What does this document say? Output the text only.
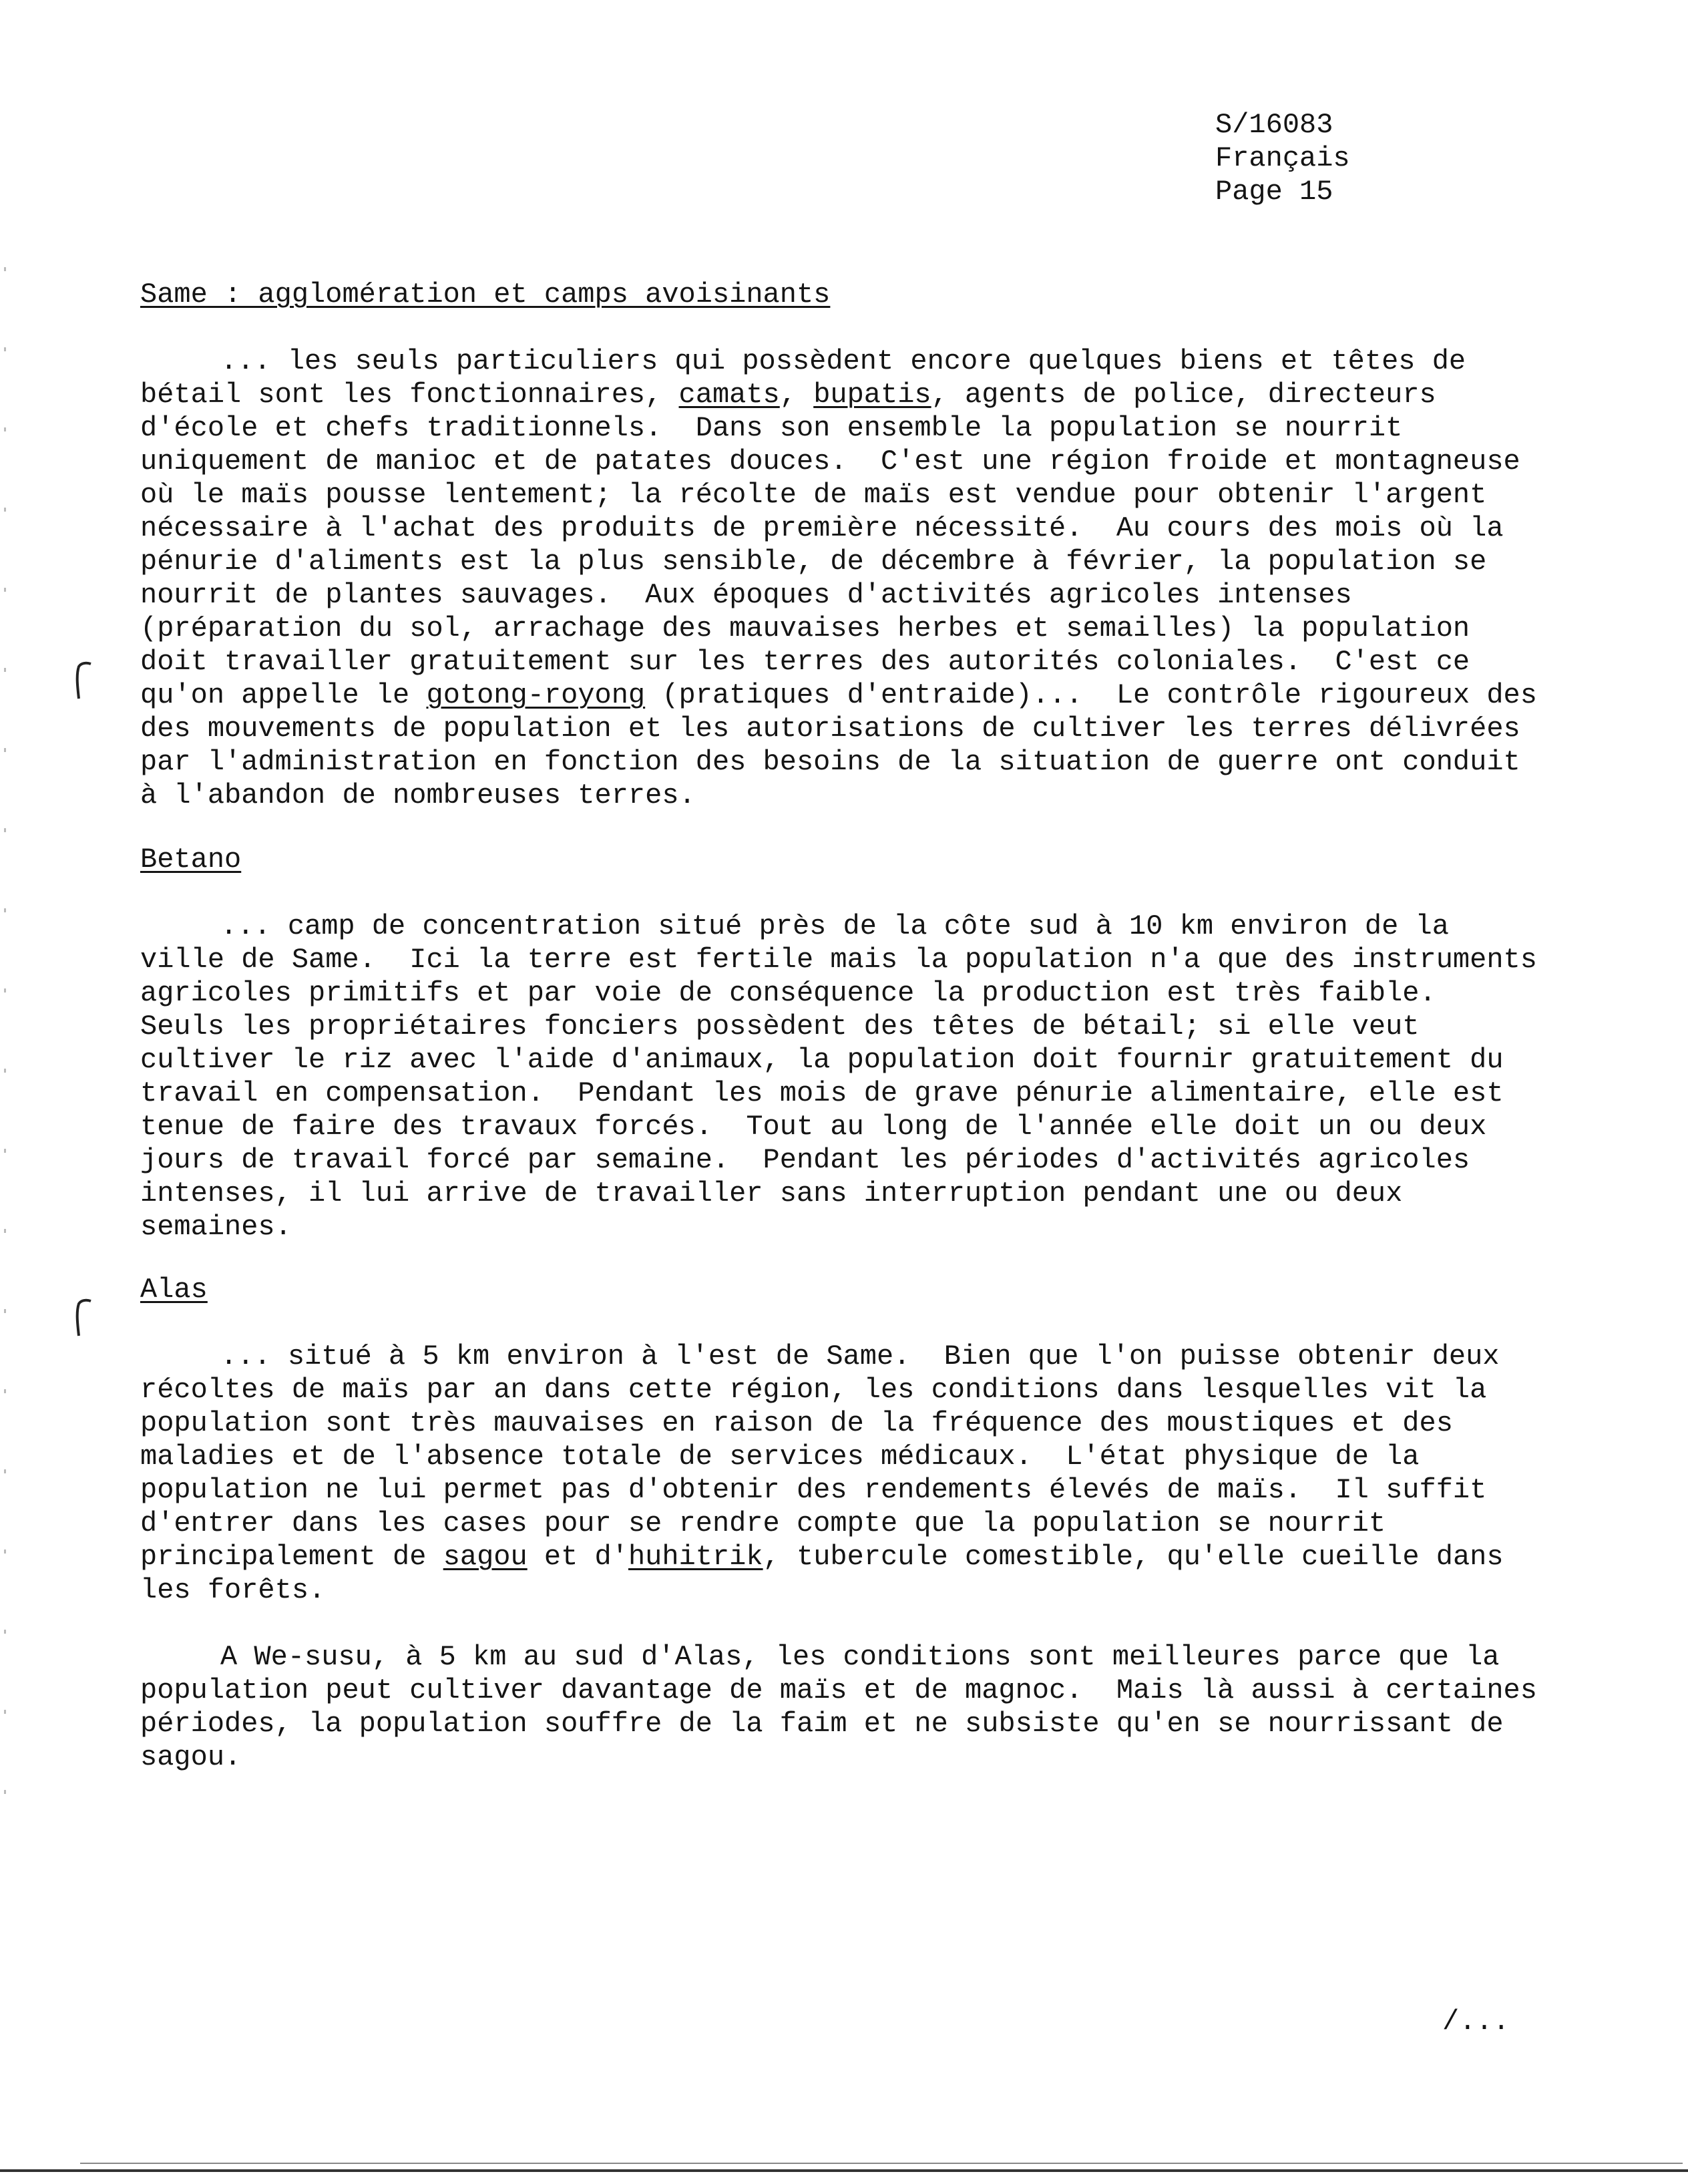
S/16083
Français
Page 15
Same : agglomération et camps avoisinants
... les seuls particuliers qui possèdent encore quelques biens et têtes de
bétail sont les fonctionnaires, camats, bupatis, agents de police, directeurs
d'école et chefs traditionnels.  Dans son ensemble la population se nourrit
uniquement de manioc et de patates douces.  C'est une région froide et montagneuse
où le maïs pousse lentement; la récolte de maïs est vendue pour obtenir l'argent
nécessaire à l'achat des produits de première nécessité.  Au cours des mois où la
pénurie d'aliments est la plus sensible, de décembre à février, la population se
nourrit de plantes sauvages.  Aux époques d'activités agricoles intenses
(préparation du sol, arrachage des mauvaises herbes et semailles) la population
doit travailler gratuitement sur les terres des autorités coloniales.  C'est ce
qu'on appelle le gotong-royong (pratiques d'entraide)...  Le contrôle rigoureux des
des mouvements de population et les autorisations de cultiver les terres délivrées
par l'administration en fonction des besoins de la situation de guerre ont conduit
à l'abandon de nombreuses terres.
Betano
... camp de concentration situé près de la côte sud à 10 km environ de la
ville de Same.  Ici la terre est fertile mais la population n'a que des instruments
agricoles primitifs et par voie de conséquence la production est très faible.
Seuls les propriétaires fonciers possèdent des têtes de bétail; si elle veut
cultiver le riz avec l'aide d'animaux, la population doit fournir gratuitement du
travail en compensation.  Pendant les mois de grave pénurie alimentaire, elle est
tenue de faire des travaux forcés.  Tout au long de l'année elle doit un ou deux
jours de travail forcé par semaine.  Pendant les périodes d'activités agricoles
intenses, il lui arrive de travailler sans interruption pendant une ou deux
semaines.
Alas
... situé à 5 km environ à l'est de Same.  Bien que l'on puisse obtenir deux
récoltes de maïs par an dans cette région, les conditions dans lesquelles vit la
population sont très mauvaises en raison de la fréquence des moustiques et des
maladies et de l'absence totale de services médicaux.  L'état physique de la
population ne lui permet pas d'obtenir des rendements élevés de maïs.  Il suffit
d'entrer dans les cases pour se rendre compte que la population se nourrit
principalement de sagou et d'huhitrik, tubercule comestible, qu'elle cueille dans
les forêts.
A We-susu, à 5 km au sud d'Alas, les conditions sont meilleures parce que la
population peut cultiver davantage de maïs et de magnoc.  Mais là aussi à certaines
périodes, la population souffre de la faim et ne subsiste qu'en se nourrissant de
sagou.
/...
